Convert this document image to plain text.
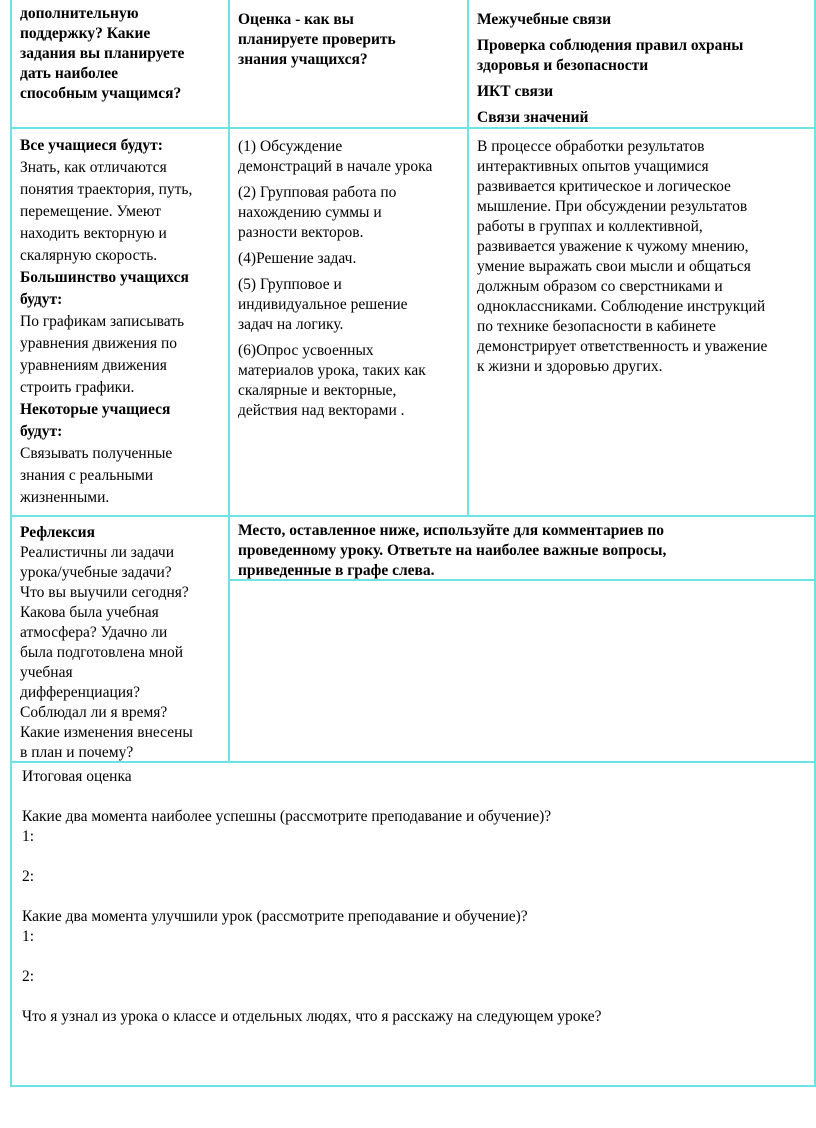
дополнительную
поддержку? Какие
задания вы планируете
дать наиболее
способным учащимся?
Оценка - как вы
планируете проверить
знания учащихся?
Межучебные связи
Проверка соблюдения правил охраны
здоровья и безопасности
ИКТ связи
Связи значений
Все учащиеся будут:
Знать, как отличаются
понятия траектория, путь,
перемещение. Умеют
находить векторную и
скалярную скорость.
Большинство учащихся
будут:
По графикам записывать
уравнения движения по
уравнениям движения
строить графики.
Некоторые учащиеся
будут:
Связывать полученные
знания с реальными
жизненными.
(1) Обсуждение
демонстраций в начале урока
(2) Групповая работа по
нахождению суммы и
разности векторов.
(4)Решение задач.
(5) Групповое и
индивидуальное решение
задач на логику.
(6)Опрос усвоенных
материалов урока, таких как
скалярные и векторные,
действия над векторами .
В процессе обработки результатов
интерактивных опытов учащимися
развивается критическое и логическое
мышление. При обсуждении результатов
работы в группах и коллективной,
развивается уважение к чужому мнению,
умение выражать свои мысли и общаться
должным образом со сверстниками и
одноклассниками. Соблюдение инструкций
по технике безопасности в кабинете
демонстрирует ответственность и уважение
к жизни и здоровью других.
Рефлексия
Реалистичны ли задачи
урока/учебные задачи?
Что вы выучили сегодня?
Какова была учебная
атмосфера? Удачно ли
была подготовлена мной
учебная
дифференциация?
Соблюдал ли я время?
Какие изменения внесены
в план и почему?
Место, оставленное ниже, используйте для комментариев по
проведенному уроку. Ответьте на наиболее важные вопросы,
приведенные в графе слева.
Итоговая оценка
Какие два момента наиболее успешны (рассмотрите преподавание и обучение)?
1:
2:
Какие два момента улучшили урок (рассмотрите преподавание и обучение)?
1:
2:
Что я узнал из урока о классе и отдельных людях, что я расскажу на следующем уроке?
